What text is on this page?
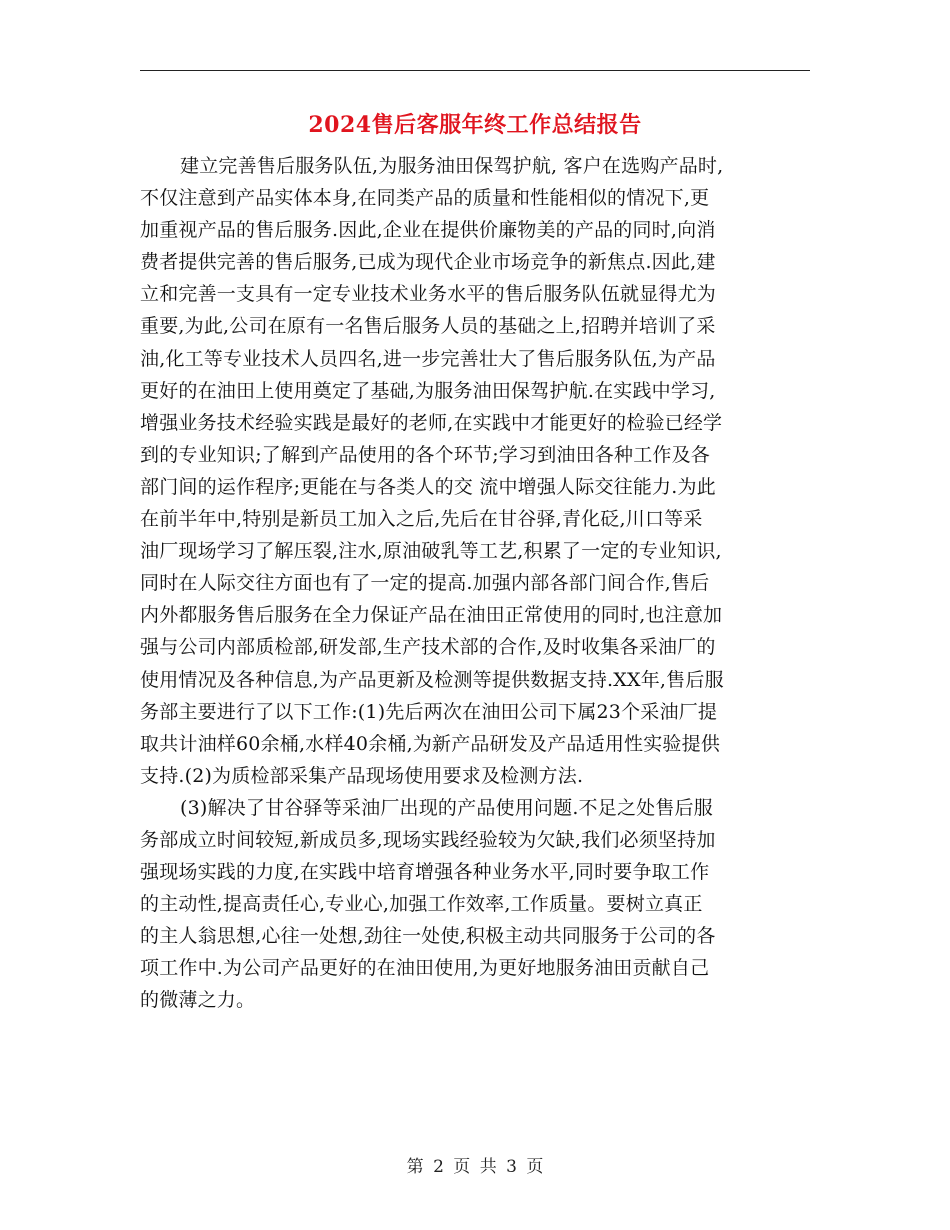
2024售后客服年终工作总结报告
建立完善售后服务队伍,为服务油田保驾护航, 客户在选购产品时,
不仅注意到产品实体本身,在同类产品的质量和性能相似的情况下,更
加重视产品的售后服务.因此,企业在提供价廉物美的产品的同时,向消
费者提供完善的售后服务,已成为现代企业市场竞争的新焦点.因此,建
立和完善一支具有一定专业技术业务水平的售后服务队伍就显得尤为
重要,为此,公司在原有一名售后服务人员的基础之上,招聘并培训了采
油,化工等专业技术人员四名,进一步完善壮大了售后服务队伍,为产品
更好的在油田上使用奠定了基础,为服务油田保驾护航.在实践中学习,
增强业务技术经验实践是最好的老师,在实践中才能更好的检验已经学
到的专业知识;了解到产品使用的各个环节;学习到油田各种工作及各
部门间的运作程序;更能在与各类人的交 流中增强人际交往能力.为此
在前半年中,特别是新员工加入之后,先后在甘谷驿,青化砭,川口等采
油厂现场学习了解压裂,注水,原油破乳等工艺,积累了一定的专业知识,
同时在人际交往方面也有了一定的提高.加强内部各部门间合作,售后
内外都服务售后服务在全力保证产品在油田正常使用的同时,也注意加
强与公司内部质检部,研发部,生产技术部的合作,及时收集各采油厂的
使用情况及各种信息,为产品更新及检测等提供数据支持.XX年,售后服
务部主要进行了以下工作:(1)先后两次在油田公司下属23个采油厂提
取共计油样60余桶,水样40余桶,为新产品研发及产品适用性实验提供
支持.(2)为质检部采集产品现场使用要求及检测方法.
(3)解决了甘谷驿等采油厂出现的产品使用问题.不足之处售后服
务部成立时间较短,新成员多,现场实践经验较为欠缺,我们必须坚持加
强现场实践的力度,在实践中培育增强各种业务水平,同时要争取工作
的主动性,提高责任心,专业心,加强工作效率,工作质量。要树立真正
的主人翁思想,心往一处想,劲往一处使,积极主动共同服务于公司的各
项工作中.为公司产品更好的在油田使用,为更好地服务油田贡献自己
的微薄之力。
第 2 页 共 3 页
